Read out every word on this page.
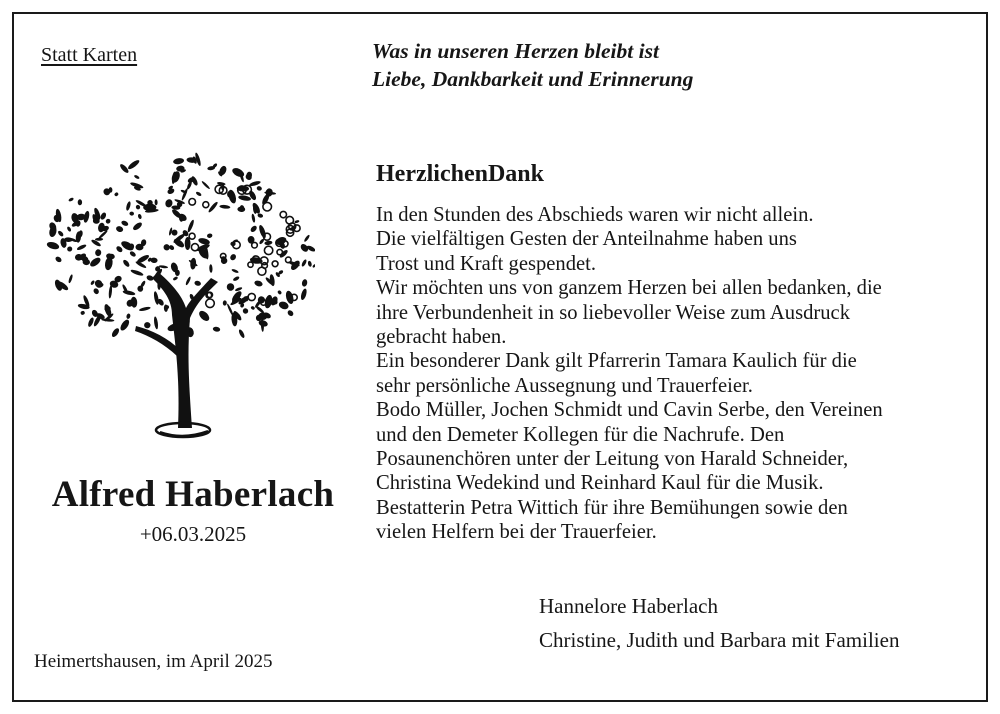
Statt Karten	Was in unseren Herzen bleibt ist
Liebe, Dankbarkeit und Erinnerung
Alfred Haberlach
+06.03.2025
Heimertshausen, im April 2025
HerzlichenDank
In den Stunden des Abschieds waren wir nicht allein.
Die vielfältigen Gesten der Anteilnahme haben uns
Trost und Kraft gespendet.
Wir möchten uns von ganzem Herzen bei allen bedanken, die
ihre Verbundenheit in so liebevoller Weise zum Ausdruck
gebracht haben.
Ein besonderer Dank gilt Pfarrerin Tamara Kaulich für die
sehr persönliche Aussegnung und Trauerfeier.
Bodo Müller, Jochen Schmidt und Cavin Serbe, den Vereinen
und den Demeter Kollegen für die Nachrufe. Den
Posaunenchören unter der Leitung von Harald Schneider,
Christina Wedekind und Reinhard Kaul für die Musik.
Bestatterin Petra Wittich für ihre Bemühungen sowie den
vielen Helfern bei der Trauerfeier.
Hannelore Haberlach
Christine, Judith und Barbara mit Familien
